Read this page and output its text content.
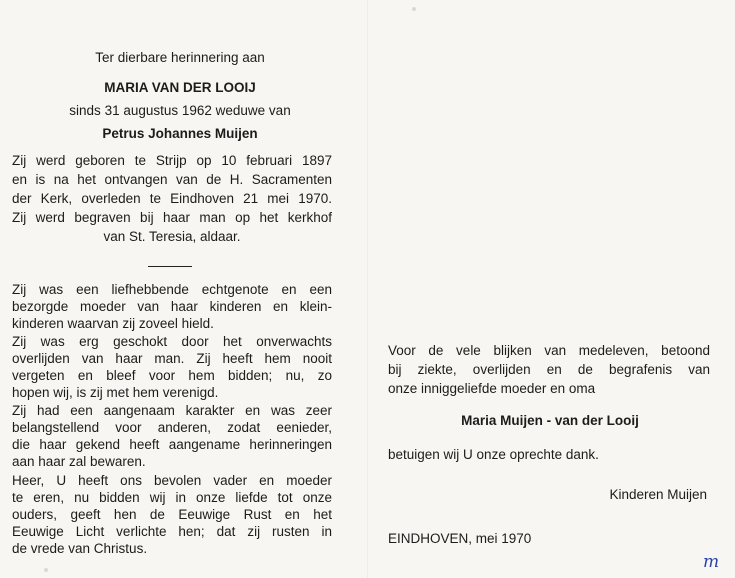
Ter dierbare herinnering aan
MARIA VAN DER LOOIJ
sinds 31 augustus 1962 weduwe van
Petrus Johannes Muijen

Zij werd geboren te Strijp op 10 februari 1897
en is na het ontvangen van de H. Sacramenten
der Kerk, overleden te Eindhoven 21 mei 1970.
Zij werd begraven bij haar man op het kerkhof
van St. Teresia, aldaar.

Zij was een liefhebbende echtgenote en een
bezorgde moeder van haar kinderen en klein-
kinderen waarvan zij zoveel hield.

Zij was erg geschokt door het onverwachts
overlijden van haar man. Zij heeft hem nooit
vergeten en bleef voor hem bidden; nu, zo
hopen wij, is zij met hem verenigd.

Zij had een aangenaam karakter en was zeer
belangstellend voor anderen, zodat eenieder,
die haar gekend heeft aangename herinneringen
aan haar zal bewaren.

Heer, U heeft ons bevolen vader en moeder
te eren, nu bidden wij in onze liefde tot onze
ouders, geeft hen de Eeuwige Rust en het
Eeuwige Licht verlichte hen; dat zij rusten in
de vrede van Christus.

Voor de vele blijken van medeleven, betoond
bij ziekte, overlijden en de begrafenis van
onze inniggeliefde moeder en oma

Maria Muijen - van der Looij
betuigen wij U onze oprechte dank.
Kinderen Muijen
EINDHOVEN, mei 1970
m
